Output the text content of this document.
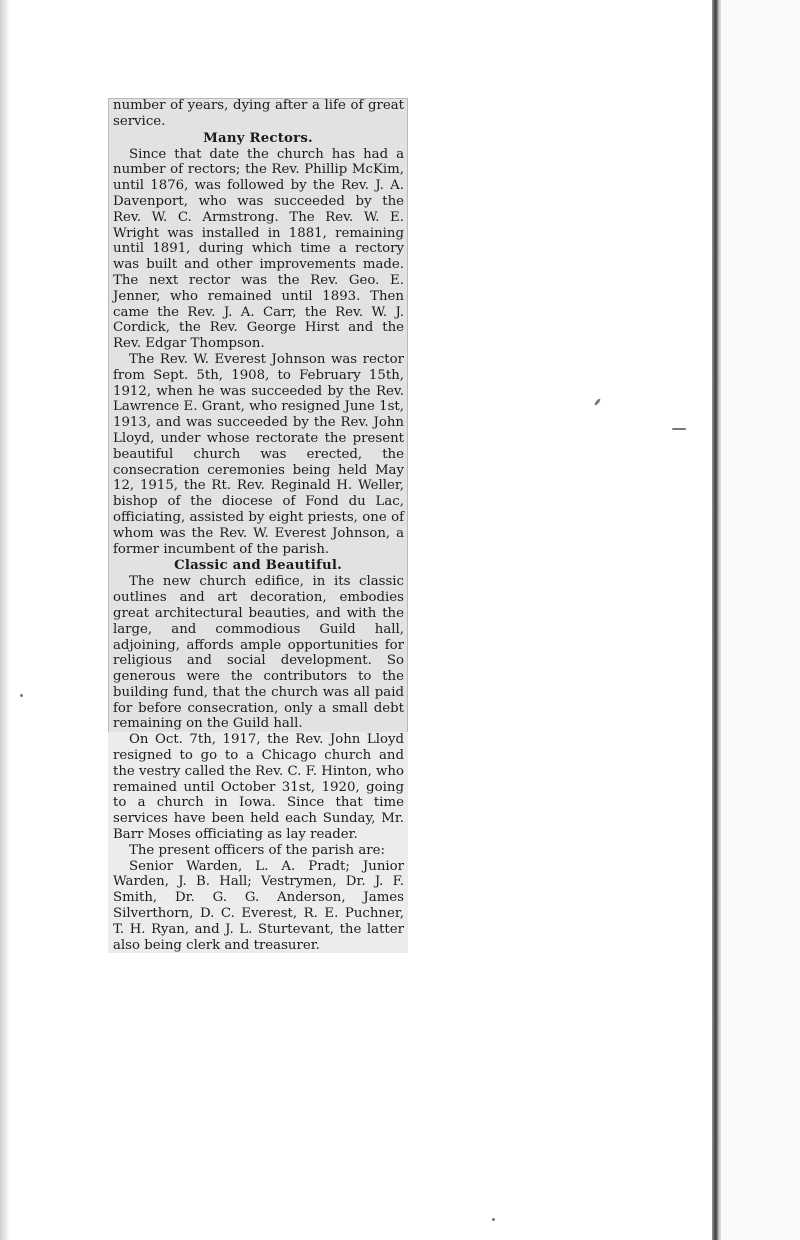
number of years, dying after a life of great service.

Many Rectors.

Since that date the church has had a number of rectors; the Rev. Phillip McKim, until 1876, was followed by the Rev. J. A. Davenport, who was succeeded by the Rev. W. C. Armstrong. The Rev. W. E. Wright was installed in 1881, remaining until 1891, during which time a rectory was built and other improvements made. The next rector was the Rev. Geo. E. Jenner, who remained until 1893. Then came the Rev. J. A. Carr, the Rev. W. J. Cordick, the Rev. George Hirst and the Rev. Edgar Thompson.

The Rev. W. Everest Johnson was rector from Sept. 5th, 1908, to February 15th, 1912, when he was succeeded by the Rev. Lawrence E. Grant, who resigned June 1st, 1913, and was succeeded by the Rev. John Lloyd, under whose rectorate the present beautiful church was erected, the consecration ceremonies being held May 12, 1915, the Rt. Rev. Reginald H. Weller, bishop of the diocese of Fond du Lac, officiating, assisted by eight priests, one of whom was the Rev. W. Everest Johnson, a former incumbent of the parish.

Classic and Beautiful.

The new church edifice, in its classic outlines and art decoration, embodies great architectural beauties, and with the large, and commodious Guild hall, adjoining, affords ample opportunities for religious and social development. So generous were the contributors to the building fund, that the church was all paid for before consecration, only a small debt remaining on the Guild hall.

On Oct. 7th, 1917, the Rev. John Lloyd resigned to go to a Chicago church and the vestry called the Rev. C. F. Hinton, who remained until October 31st, 1920, going to a church in Iowa. Since that time services have been held each Sunday, Mr. Barr Moses officiating as lay reader.

The present officers of the parish are:

Senior Warden, L. A. Pradt; Junior Warden, J. B. Hall; Vestrymen, Dr. J. F. Smith, Dr. G. G. Anderson, James Silverthorn, D. C. Everest, R. E. Puchner, T. H. Ryan, and J. L. Sturtevant, the latter also being clerk and treasurer.
